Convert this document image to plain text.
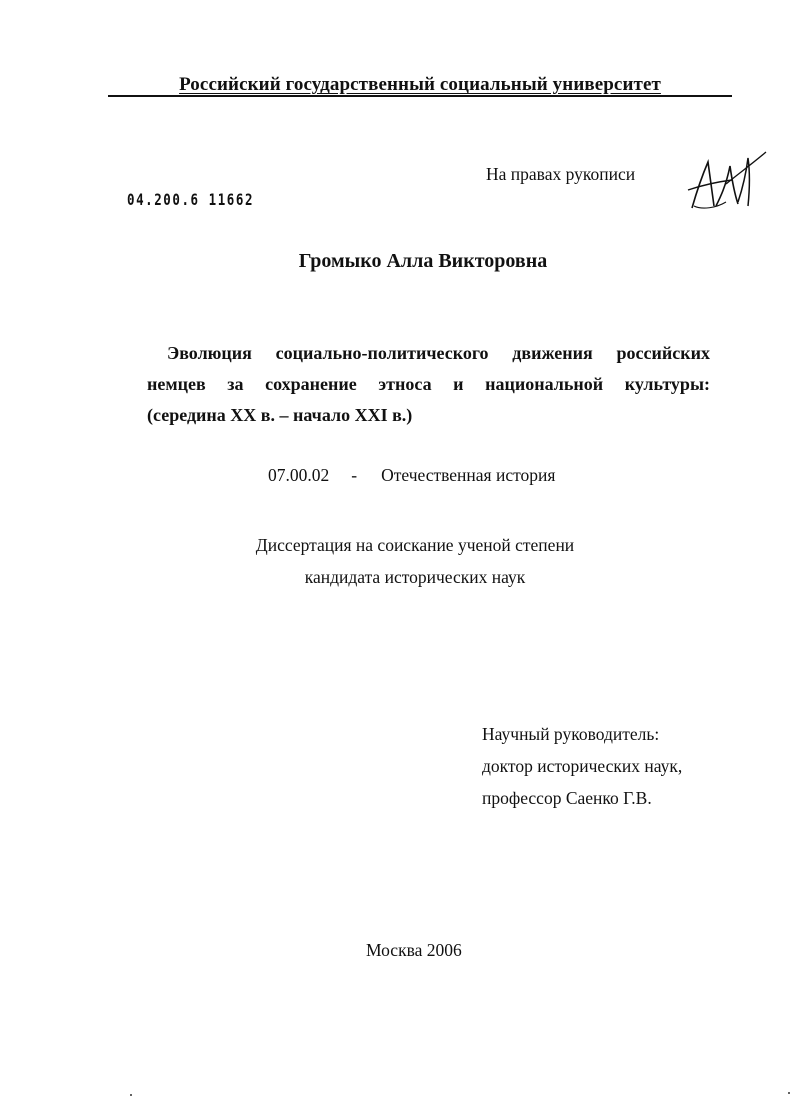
Российский государственный социальный университет
На правах рукописи
04.200.6 11662
Громыко Алла Викторовна
Эволюция социально-политического движения российских
немцев за сохранение этноса и национальной культуры:
(середина XX в. – начало XXI в.)
07.00.02 - Отечественная история
Диссертация на соискание ученой степени
кандидата исторических наук
Научный руководитель:
доктор исторических наук,
профессор Саенко Г.В.
Москва 2006
